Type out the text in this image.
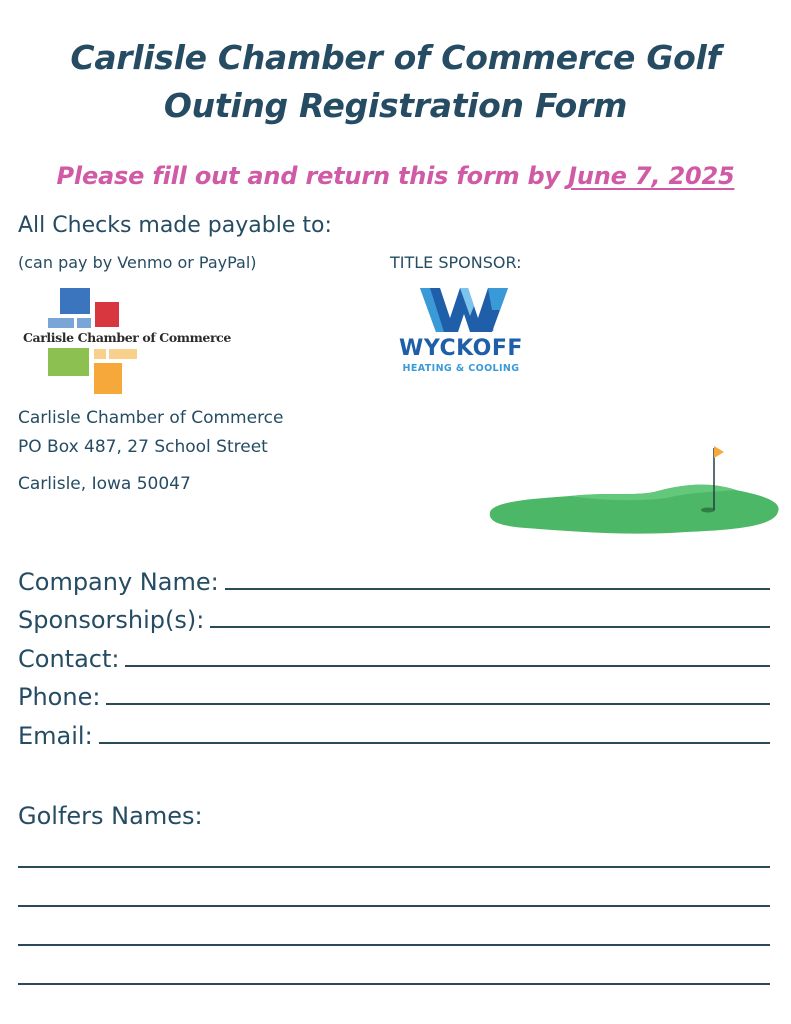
Carlisle Chamber of Commerce Golf
Outing Registration Form
Please fill out and return this form by June 7, 2025
All Checks made payable to:
(can pay by Venmo or PayPal)	TITLE SPONSOR:
Carlisle Chamber of Commerce
TM
WYCKOFF
HEATING & COOLING
Carlisle Chamber of Commerce
PO Box 487, 27 School Street
Carlisle, Iowa 50047
Company Name:
Sponsorship(s):
Contact:
Phone:
Email:
Golfers Names:
